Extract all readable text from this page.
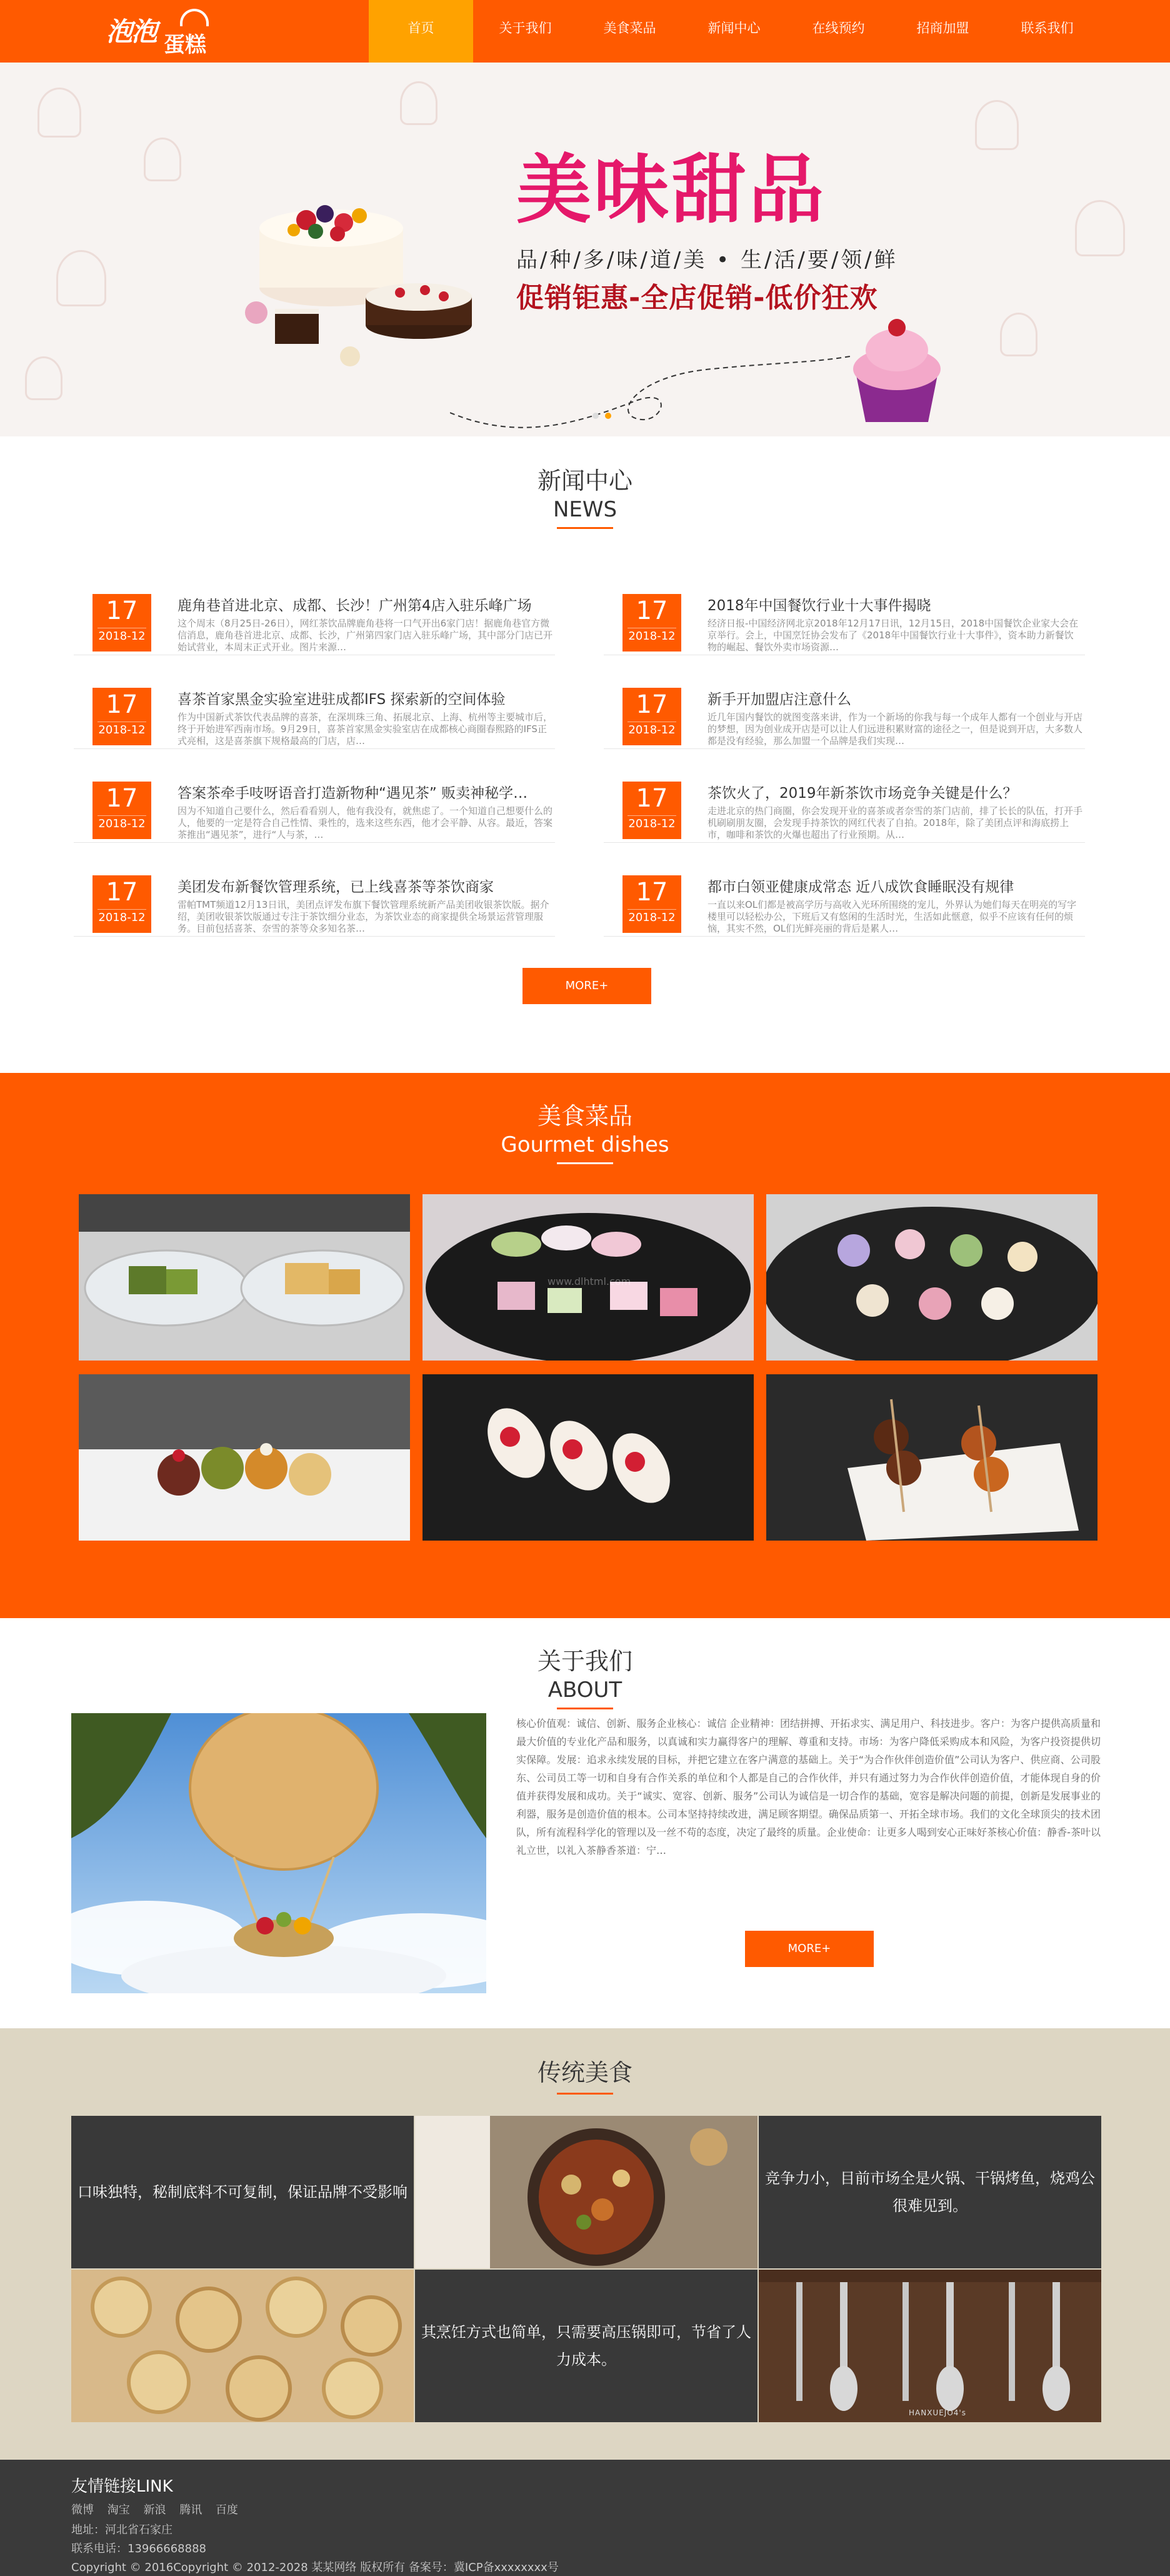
泡泡 蛋糕
首页	关于我们	美食菜品	新闻中心	在线预约	招商加盟	联系我们
美味甜品
品/种/多/味/道/美 • 生/活/要/领/鲜
促销钜惠-全店促销-低价狂欢
新闻中心
NEWS
17
2018-12
鹿角巷首进北京、成都、长沙！广州第4店入驻乐峰广场
这个周末（8月25日-26日），网红茶饮品牌鹿角巷将一口气开出6家门店！据鹿角巷官方微信消息，鹿角巷首进北京、成都、长沙，广州第四家门店入驻乐峰广场，其中部分门店已开始试营业，本周末正式开业。图片来源…
17
2018-12
2018年中国餐饮行业十大事件揭晓
经济日报-中国经济网北京2018年12月17日讯，12月15日，2018中国餐饮企业家大会在京举行。会上，中国烹饪协会发布了《2018年中国餐饮行业十大事件》，资本助力新餐饮物的崛起、餐饮外卖市场资源…
17
2018-12
喜茶首家黑金实验室进驻成都IFS 探索新的空间体验
作为中国新式茶饮代表品牌的喜茶，在深圳珠三角、拓展北京、上海、杭州等主要城市后，终于开始进军西南市场。9月29日，喜茶首家黑金实验室店在成都核心商圈春熙路的IFS正式亮相，这是喜茶旗下规格最高的门店，店…
17
2018-12
新手开加盟店注意什么
近几年国内餐饮的就图变落来讲，作为一个新场的你我与每一个成年人都有一个创业与开店的梦想，因为创业成开店是可以让人们远进积累财富的途径之一，但是说到开店，大多数人都是没有经验，那么加盟一个品牌是我们实现…
17
2018-12
答案茶牵手吱呀语音打造新物种“遇见茶” 贩卖神秘学…
因为不知道自己要什么，然后看看别人，他有我没有，就焦虑了。一个知道自己想要什么的人，他要的一定是符合自己性情、秉性的，选来这些东西，他才会平静、从容。最近，答案茶推出“遇见茶”，进行“人与茶，…
17
2018-12
茶饮火了，2019年新茶饮市场竞争关键是什么？
走进北京的热门商圈，你会发现开业的喜茶或者奈雪的茶门店前，排了长长的队伍，打开手机刷刷朋友圈，会发现手持茶饮的网红代表了自拍。2018年，除了美团点评和海底捞上市，咖啡和茶饮的火爆也超出了行业预期。从…
17
2018-12
美团发布新餐饮管理系统，已上线喜茶等茶饮商家
雷帕TMT频道12月13日讯，美团点评发布旗下餐饮管理系统新产品美团收银茶饮版。据介绍，美团收银茶饮版通过专注于茶饮细分业态，为茶饮业态的商家提供全场景运营管理服务。目前包括喜茶、奈雪的茶等众多知名茶…
17
2018-12
都市白领亚健康成常态 近八成饮食睡眠没有规律
一直以来OL们都是被高学历与高收入光环所围绕的宠儿，外界认为她们每天在明亮的写字楼里可以轻松办公，下班后又有悠闲的生活时光，生活如此惬意，似乎不应该有任何的烦恼，其实不然，OL们光鲜亮丽的背后是累人…
MORE+
美食菜品
Gourmet dishes
www.dlhtml.com
关于我们
ABOUT
核心价值观：诚信、创新、服务企业核心：诚信 企业精神：团结拼搏、开拓求实、满足用户、科技进步。客户：为客户提供高质量和最大价值的专业化产品和服务，以真诚和实力赢得客户的理解、尊重和支持。市场：为客户降低采购成本和风险，为客户投资提供切实保障。发展：追求永续发展的目标，并把它建立在客户满意的基础上。关于“为合作伙伴创造价值”公司认为客户、供应商、公司股东、公司员工等一切和自身有合作关系的单位和个人都是自己的合作伙伴，并只有通过努力为合作伙伴创造价值，才能体现自身的价值并获得发展和成功。关于“诚实、宽容、创新、服务”公司认为诚信是一切合作的基础，宽容是解决问题的前提，创新是发展事业的利器，服务是创造价值的根本。公司本坚持持续改进，满足顾客期望。确保品质第一、开拓全球市场。我们的文化全球顶尖的技术团队，所有流程科学化的管理以及一丝不苟的态度，决定了最终的质量。企业使命：让更多人喝到安心正味好茶核心价值：静香-茶叶以礼立世，以礼入茶静香茶道：宁…
MORE+
传统美食
口味独特，秘制底料不可复制，保证品牌不受影响
竞争力小，目前市场全是火锅、干锅烤鱼，烧鸡公很难见到。
其烹饪方式也简单，只需要高压锅即可，节省了人力成本。
HANXUEJO4's
友情链接LINK
微博 淘宝 新浪 腾讯 百度
地址：河北省石家庄
联系电话：13966668888
Copyright © 2016Copyright © 2012-2028 某某网络 版权所有 备案号：冀ICP备xxxxxxxx号
